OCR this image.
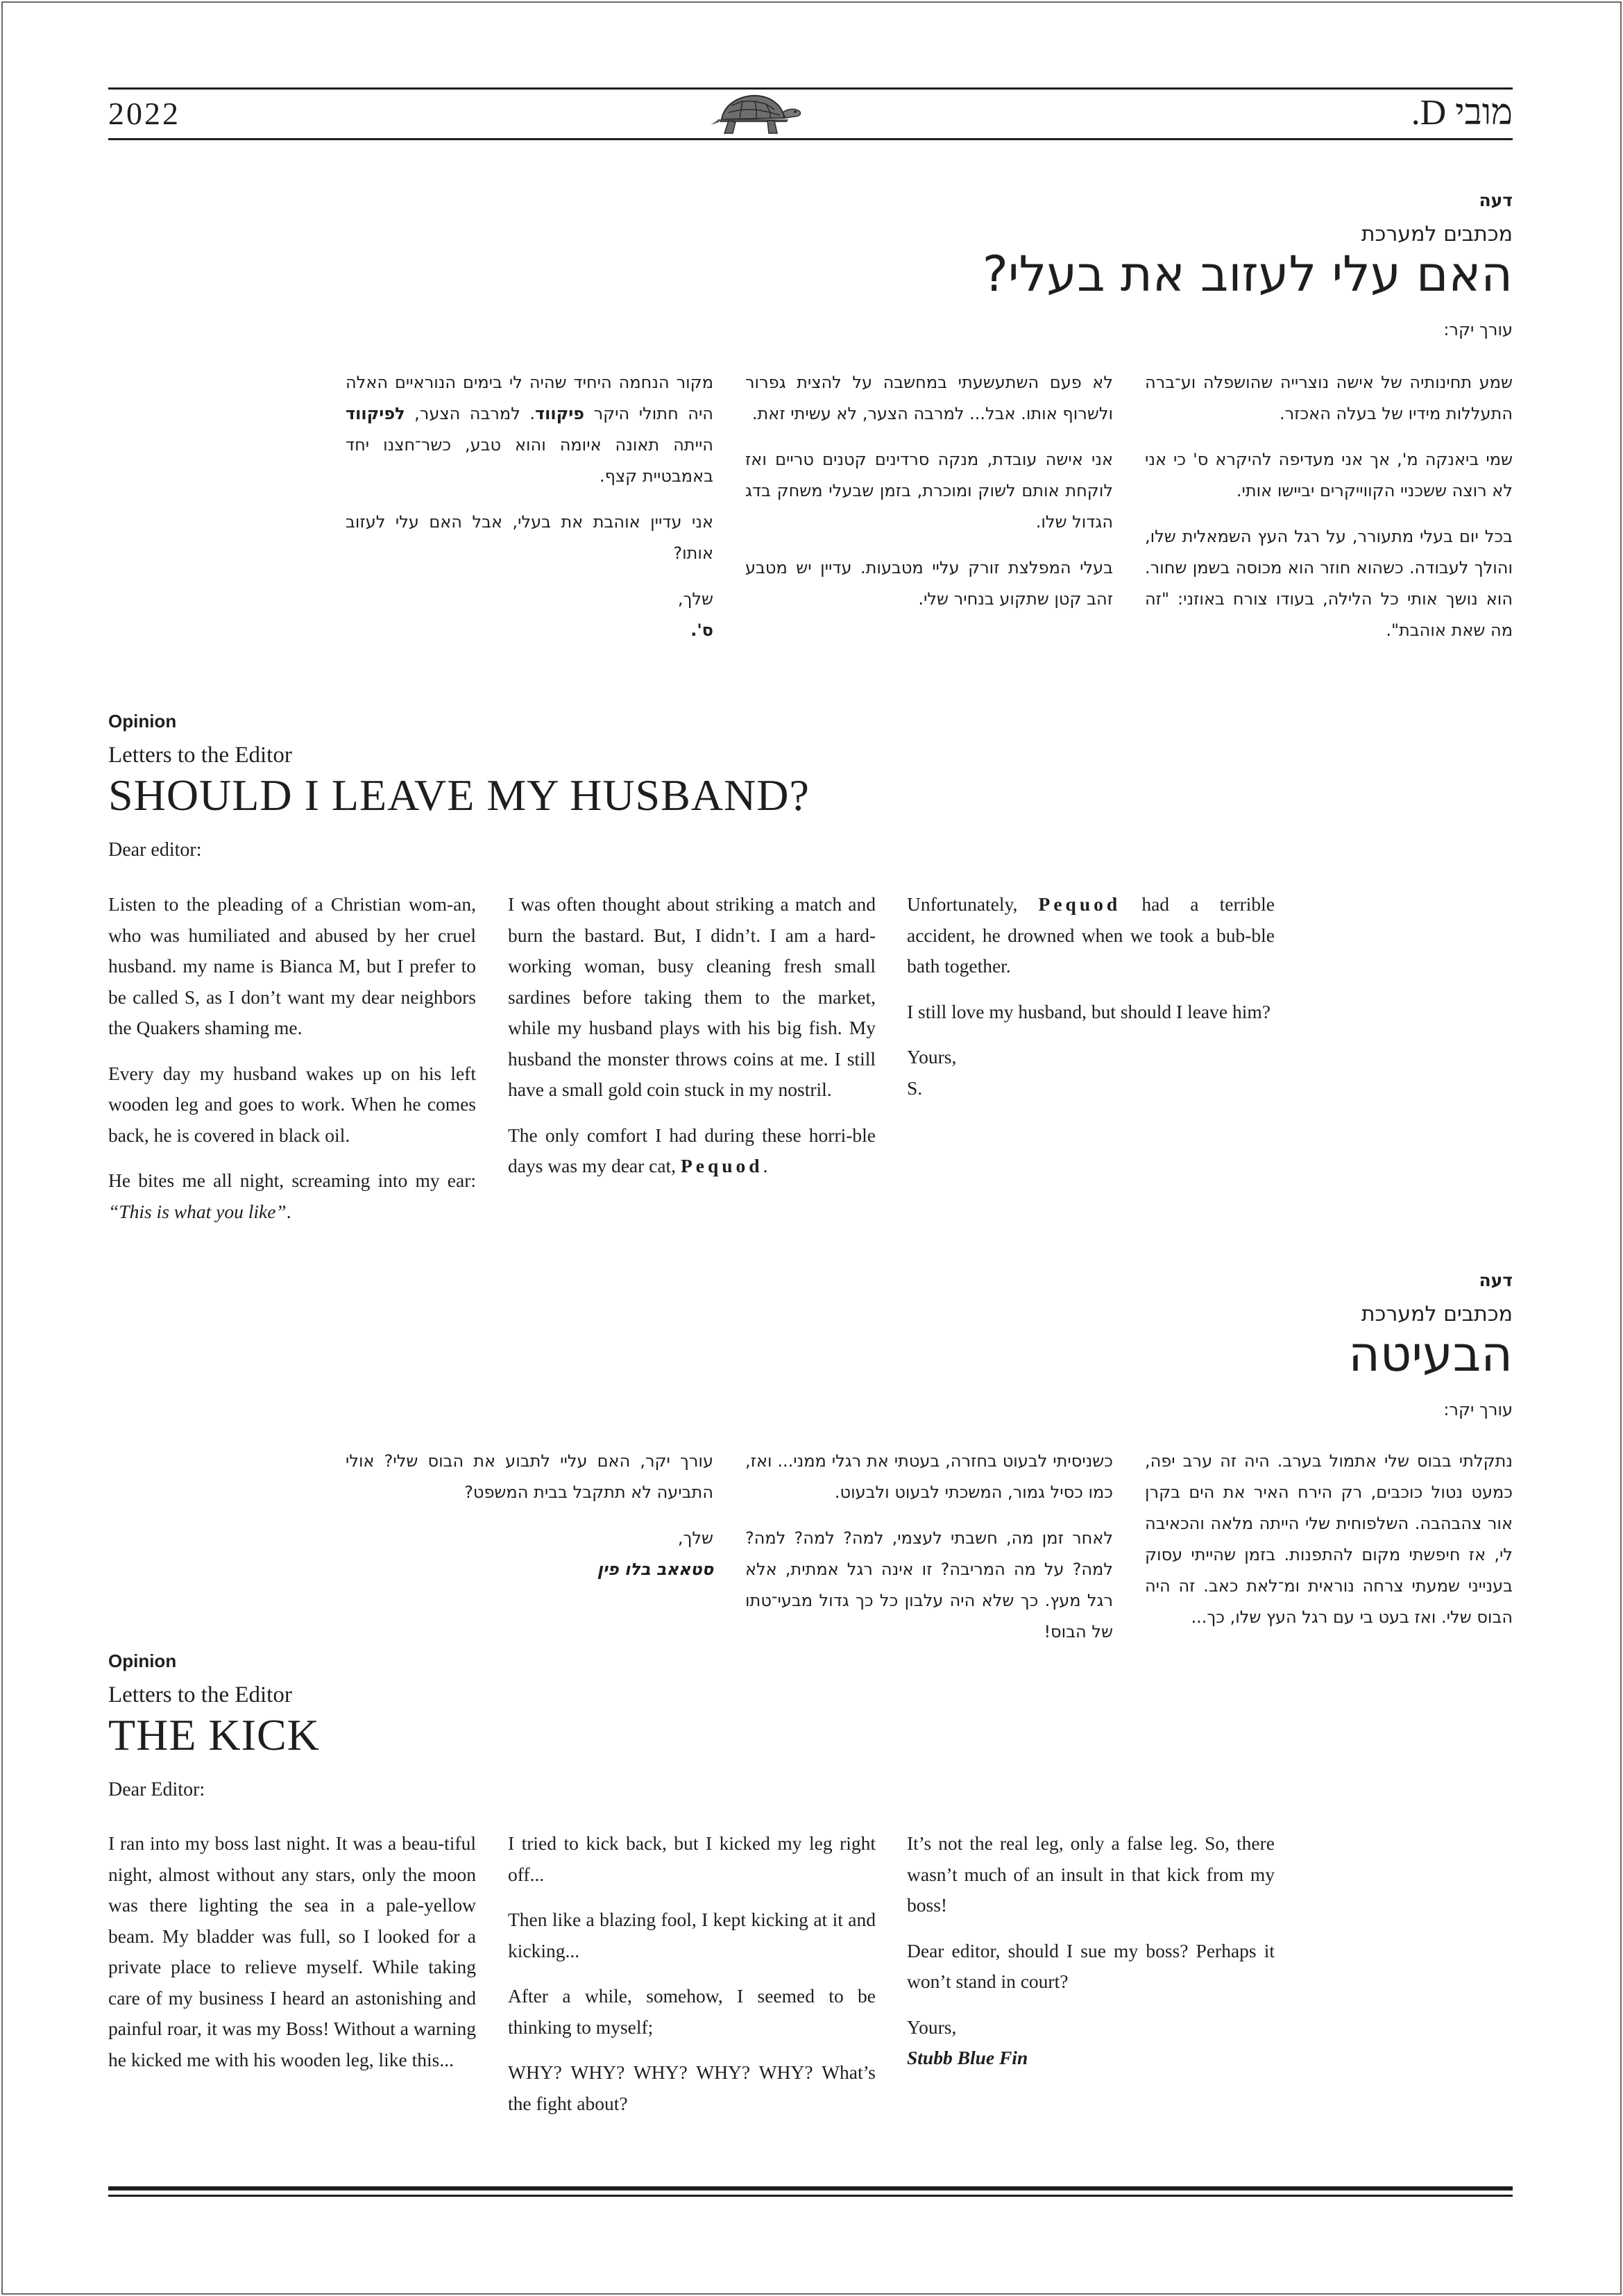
2022	מובי D.
דעה
מכתבים למערכת
האם עלי לעזוב את בעלי?
עורך יקר:

שמע תחינותיה של אישה נוצרייה שהושפלה וע־ברה התעללות מידיו של בעלה האכזר.

שמי ביאנקה מ', אך אני מעדיפה להיקרא ס' כי אני לא רוצה ששכניי הקווייקרים יביישו אותי.

בכל יום בעלי מתעורר, על רגל העץ השמאלית שלו, והולך לעבודה. כשהוא חוזר הוא מכוסה בשמן שחור. הוא נושך אותי כל הלילה, בעודו צורח באוזני: "זה מה שאת אוהבת".

לא פעם השתעשעתי במחשבה על להצית גפרור ולשרוף אותו. אבל... למרבה הצער, לא עשיתי זאת.

אני אישה עובדת, מנקה סרדינים קטנים טריים ואז לוקחת אותם לשוק ומוכרת, בזמן שבעלי משחק בדג הגדול שלו.

בעלי המפלצת זורק עליי מטבעות. עדיין יש מטבע זהב קטן שתקוע בנחיר שלי.

מקור הנחמה היחיד שהיה לי בימים הנוראיים האלה היה חתולי היקר פיקווד. למרבה הצער, לפיקווד הייתה תאונה איומה והוא טבע, כשר־חצנו יחד באמבטיית קצף.

אני עדיין אוהבת את בעלי, אבל האם עלי לעזוב אותו?

שלך,

ס'.

Opinion
Letters to the Editor
SHOULD I LEAVE MY HUSBAND?
Dear editor:

Listen to the pleading of a Christian wom-an, who was humiliated and abused by her cruel husband. my name is Bianca M, but I prefer to be called S, as I don’t want my dear neighbors the Quakers shaming me.

Every day my husband wakes up on his left wooden leg and goes to work. When he comes back, he is covered in black oil.

He bites me all night, screaming into my ear: “This is what you like”.

I was often thought about striking a match and burn the bastard. But, I didn’t. I am a hard-working woman, busy cleaning fresh small sardines before taking them to the market, while my husband plays with his big fish. My husband the monster throws coins at me. I still have a small gold coin stuck in my nostril.

The only comfort I had during these horri-ble days was my dear cat, Pequod.

Unfortunately, Pequod had a terrible accident, he drowned when we took a bub-ble bath together.

I still love my husband, but should I leave him?

Yours,

S.

דעה
מכתבים למערכת
הבעיטה
עורך יקר:

נתקלתי בבוס שלי אתמול בערב. היה זה ערב יפה, כמעט נטול כוכבים, רק הירח האיר את הים בקרן אור צהבהבה. השלפוחית שלי הייתה מלאה והכאיבה לי, אז חיפשתי מקום להתפנות. בזמן שהייתי עסוק בענייני שמעתי צרחה נוראית ומ־לאת כאב. זה היה הבוס שלי. ואז בעט בי עם רגל העץ שלו, כך...

כשניסיתי לבעוט בחזרה, בעטתי את רגלי ממני... ואז, כמו כסיל גמור, המשכתי לבעוט ולבעוט.

לאחר זמן מה, חשבתי לעצמי, למה? למה? למה? למה? על מה המריבה? זו אינה רגל אמתית, אלא רגל מעץ. כך שלא היה עלבון כל כך גדול מבעי־טתו של הבוס!

עורך יקר, האם עליי לתבוע את הבוס שלי? אולי התביעה לא תתקבל בבית המשפט?

שלך,

סטאאב בלו פין

Opinion
Letters to the Editor
THE KICK
Dear Editor:

I ran into my boss last night. It was a beau-tiful night, almost without any stars, only the moon was there lighting the sea in a pale-yellow beam. My bladder was full, so I looked for a private place to relieve myself. While taking care of my business I heard an astonishing and painful roar, it was my Boss! Without a warning he kicked me with his wooden leg, like this...

I tried to kick back, but I kicked my leg right off...

Then like a blazing fool, I kept kicking at it and kicking...

After a while, somehow, I seemed to be thinking to myself;

WHY? WHY? WHY? WHY? WHY? What’s the fight about?

It’s not the real leg, only a false leg. So, there wasn’t much of an insult in that kick from my boss!

Dear editor, should I sue my boss? Perhaps it won’t stand in court?

Yours,

Stubb Blue Fin
